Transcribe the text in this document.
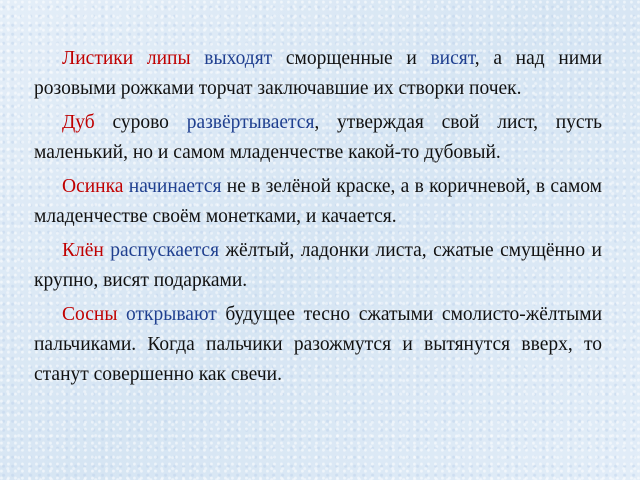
Листики липы выходят сморщенные и висят, а над ними розовыми рожками торчат заключавшие их створки почек.

Дуб сурово развёртывается, утверждая свой лист, пусть маленький, но и самом младенчестве какой-то дубовый.

Осинка начинается не в зелёной краске, а в коричневой, в самом младенчестве своём монетками, и качается.

Клён распускается жёлтый, ладонки листа, сжатые смущённо и крупно, висят подарками.

Сосны открывают будущее тесно сжатыми смолисто-жёлтыми пальчиками. Когда пальчики разожмутся и вытянутся вверх, то станут совершенно как свечи.
